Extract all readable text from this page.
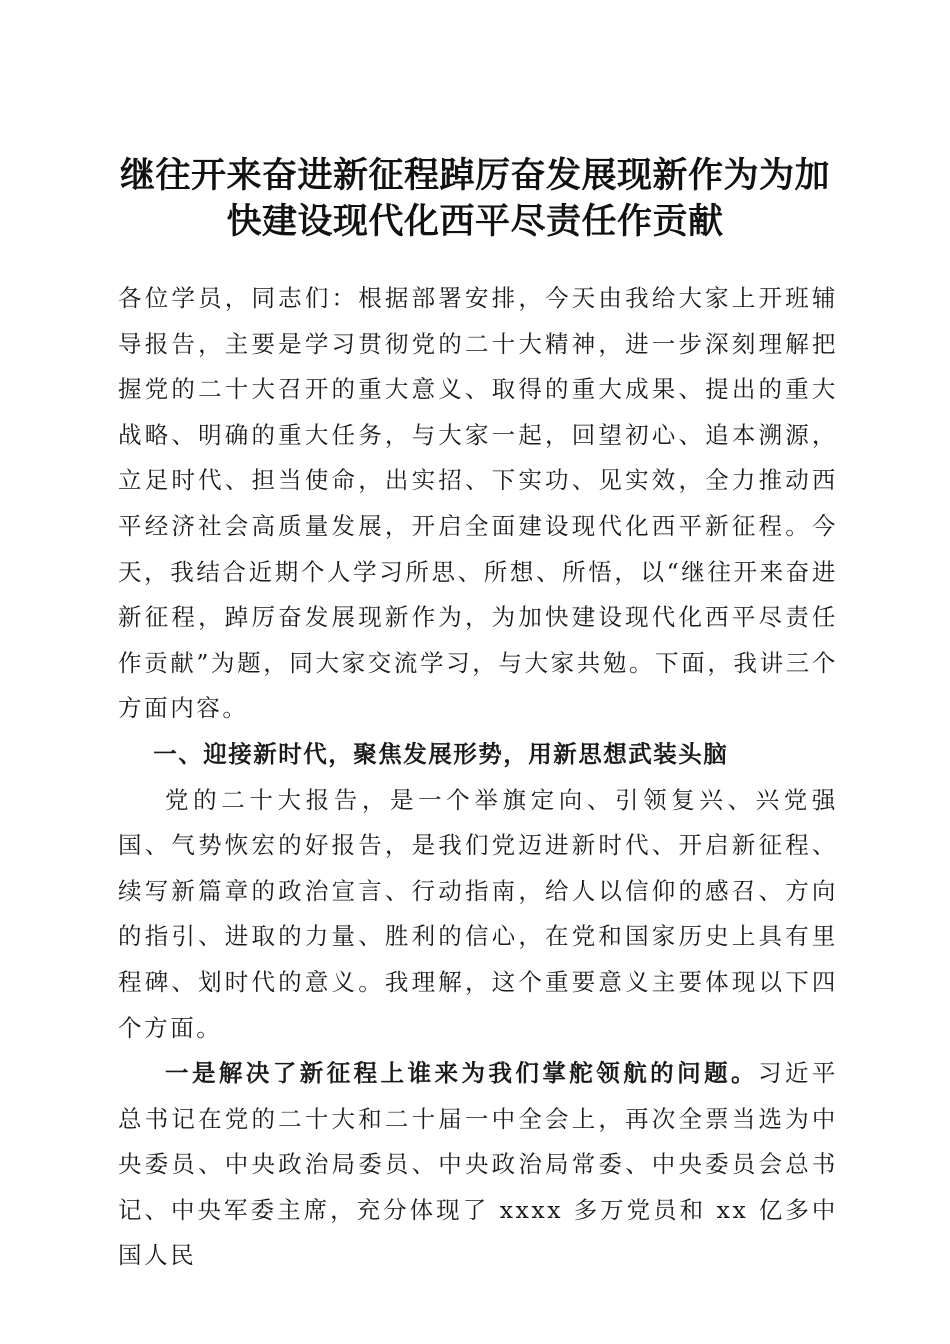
继往开来奋进新征程踔厉奋发展现新作为为加
快建设现代化西平尽责任作贡献

各位学员，同志们：根据部署安排，今天由我给大家上开班辅导报告，主要是学习贯彻党的二十大精神，进一步深刻理解把握党的二十大召开的重大意义、取得的重大成果、提出的重大战略、明确的重大任务，与大家一起，回望初心、追本溯源，立足时代、担当使命，出实招、下实功、见实效，全力推动西平经济社会高质量发展，开启全面建设现代化西平新征程。今天，我结合近期个人学习所思、所想、所悟，以“继往开来奋进新征程，踔厉奋发展现新作为，为加快建设现代化西平尽责任作贡献”为题，同大家交流学习，与大家共勉。下面，我讲三个方面内容。

一、迎接新时代，聚焦发展形势，用新思想武装头脑

党的二十大报告，是一个举旗定向、引领复兴、兴党强国、气势恢宏的好报告，是我们党迈进新时代、开启新征程、续写新篇章的政治宣言、行动指南，给人以信仰的感召、方向的指引、进取的力量、胜利的信心，在党和国家历史上具有里程碑、划时代的意义。我理解，这个重要意义主要体现以下四个方面。

一是解决了新征程上谁来为我们掌舵领航的问题。习近平总书记在党的二十大和二十届一中全会上，再次全票当选为中央委员、中央政治局委员、中央政治局常委、中央委员会总书记、中央军委主席，充分体现了 xxxx 多万党员和 xx 亿多中国人民
